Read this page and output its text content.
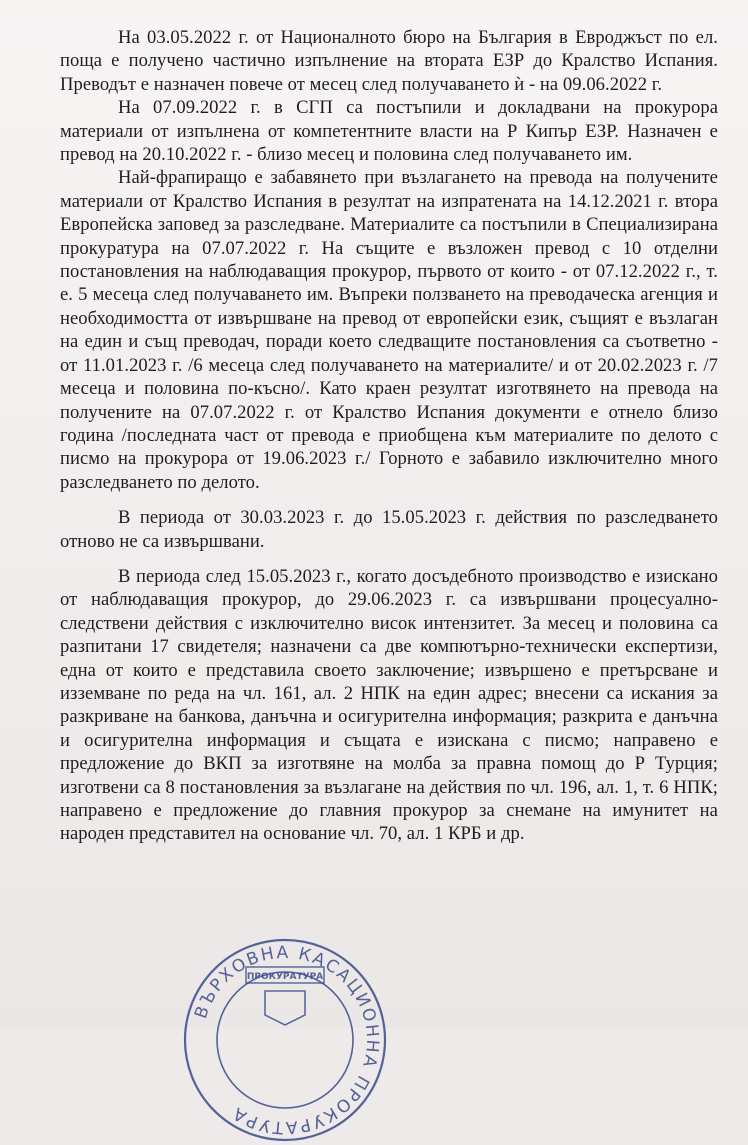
На 03.05.2022 г. от Националното бюро на България в Евроджъст по ел. поща е получено частично изпълнение на втората ЕЗР до Кралство Испания. Преводът е назначен повече от месец след получаването ѝ - на 09.06.2022 г.

На 07.09.2022 г. в СГП са постъпили и докладвани на прокурора материали от изпълнена от компетентните власти на Р Кипър ЕЗР. Назначен е превод на 20.10.2022 г. - близо месец и половина след получаването им.

Най-фрапиращо е забавянето при възлагането на превода на получените материали от Кралство Испания в резултат на изпратената на 14.12.2021 г. втора Европейска заповед за разследване. Материалите са постъпили в Специализирана прокуратура на 07.07.2022 г. На същите е възложен превод с 10 отделни постановления на наблюдаващия прокурор, първото от които - от 07.12.2022 г., т. е. 5 месеца след получаването им. Въпреки ползването на преводаческа агенция и необходимостта от извършване на превод от европейски език, същият е възлаган на един и същ преводач, поради което следващите постановления са съответно - от 11.01.2023 г. /6 месеца след получаването на материалите/ и от 20.02.2023 г. /7 месеца и половина по-късно/. Като краен резултат изготвянето на превода на получените на 07.07.2022 г. от Кралство Испания документи е отнело близо година /последната част от превода е приобщена към материалите по делото с писмо на прокурора от 19.06.2023 г./ Горното е забавило изключително много разследването по делото.

В периода от 30.03.2023 г. до 15.05.2023 г. действия по разследването отново не са извършвани.

В периода след 15.05.2023 г., когато досъдебното производство е изискано от наблюдаващия прокурор, до 29.06.2023 г. са извършвани процесуално-следствени действия с изключително висок интензитет. За месец и половина са разпитани 17 свидетеля; назначени са две компютърно-технически експертизи, една от които е представила своето заключение; извършено е претърсване и изземване по реда на чл. 161, ал. 2 НПК на един адрес; внесени са искания за разкриване на банкова, данъчна и осигурителна информация; разкрита е данъчна и осигурителна информация и същата е изискана с писмо; направено е предложение до ВКП за изготвяне на молба за правна помощ до Р Турция; изготвени са 8 постановления за възлагане на действия по чл. 196, ал. 1, т. 6 НПК; направено е предложение до главния прокурор за снемане на имунитет на народен представител на основание чл. 70, ал. 1 КРБ и др.

ВЪРХОВНА КАСАЦИОННА ПРОКУРАТУРА
ПРОКУРАТУРА
